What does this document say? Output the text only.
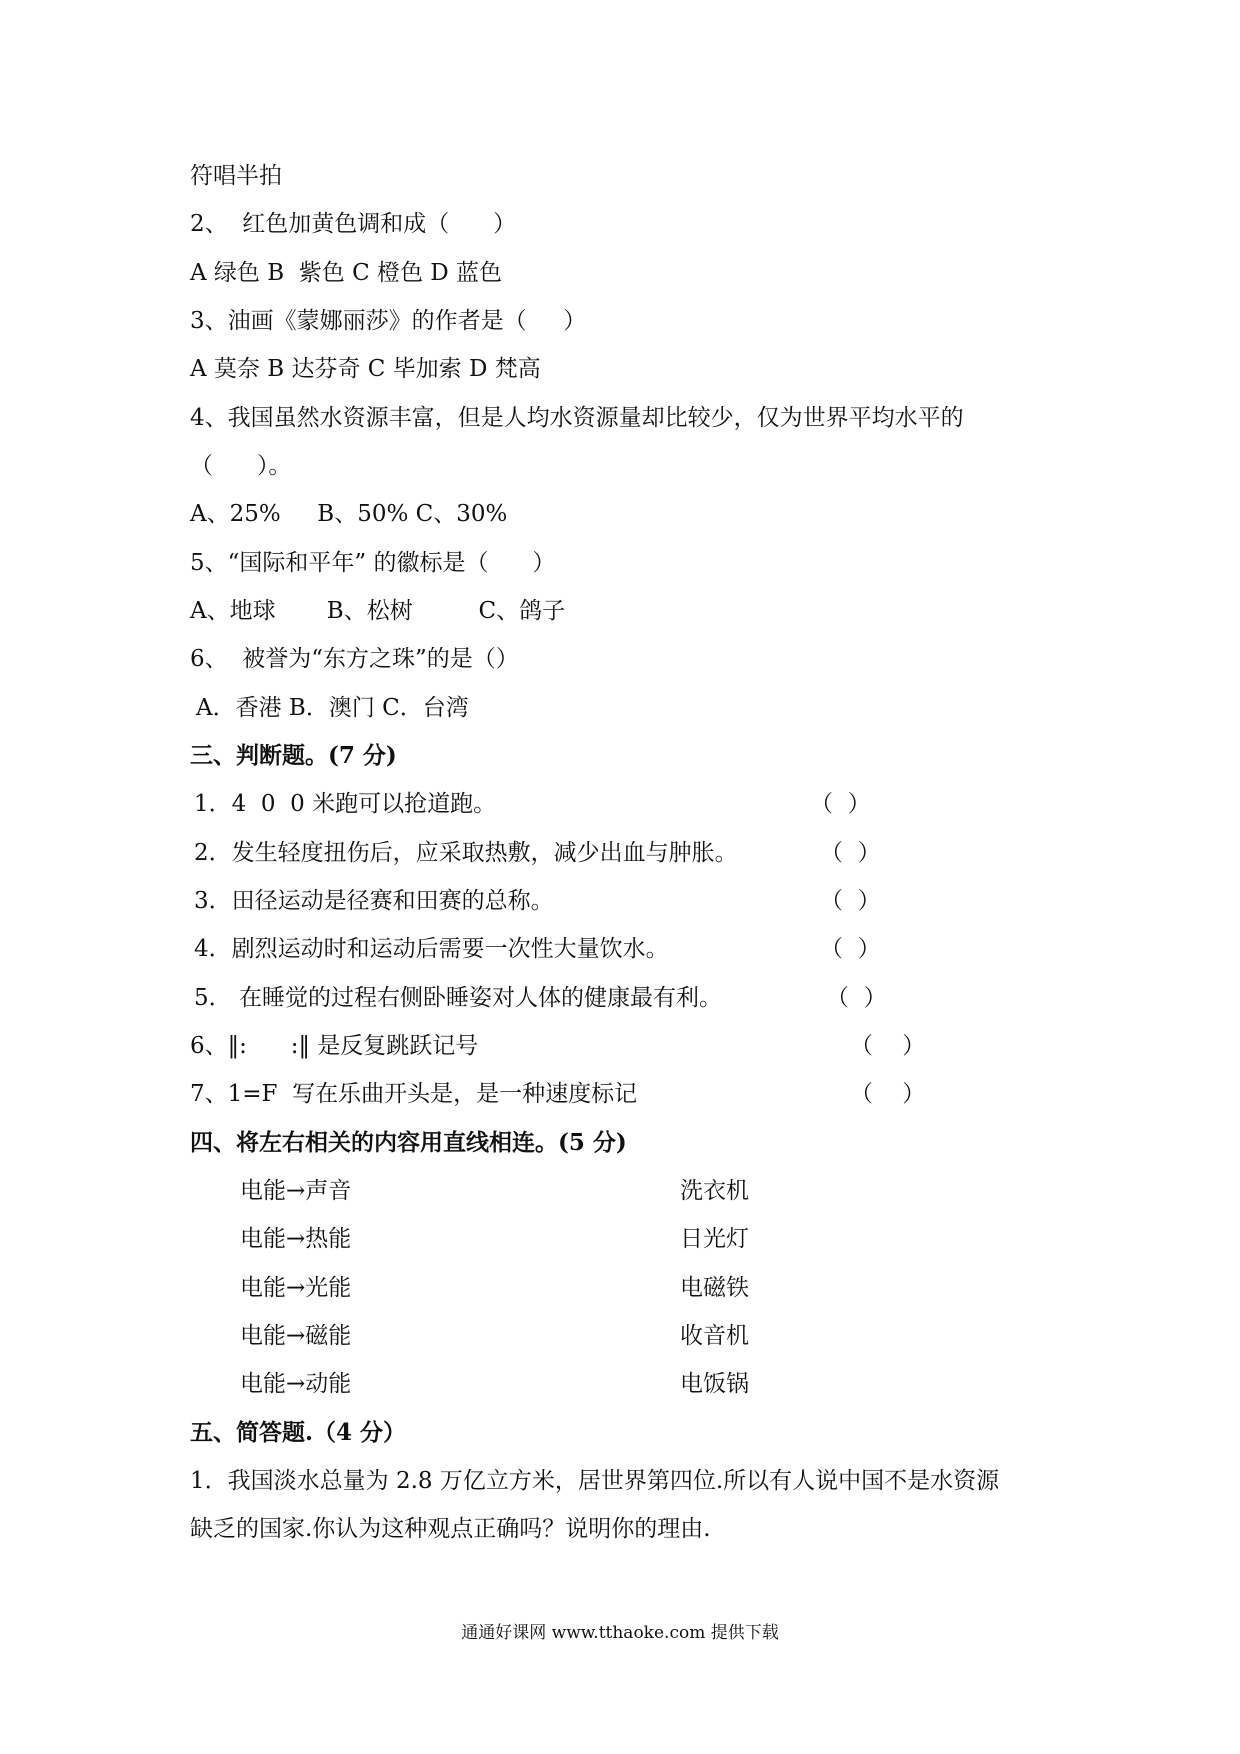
符唱半拍
2、  红色加黄色调和成（      ）
A 绿色 B  紫色 C 橙色 D 蓝色
3、油画《蒙娜丽莎》的作者是（     ）
A 莫奈 B 达芬奇 C 毕加索 D 梵高
4、我国虽然水资源丰富，但是人均水资源量却比较少，仅为世界平均水平的
（      ）。
A、25%     B、50% C、30%
5、“国际和平年” 的徽标是（      ）
A、地球       B、松树         C、鸽子
6、  被誉为“东方之珠”的是（）
A．香港 B．澳门 C．台湾
三、判断题。(7 分)
1．4  0  0 米跑可以抢道跑。	（  ）
2．发生轻度扭伤后，应采取热敷，减少出血与肿胀。	（  ）
3．田径运动是径赛和田赛的总称。	（  ）
4．剧烈运动时和运动后需要一次性大量饮水。	（  ）
5． 在睡觉的过程右侧卧睡姿对人体的健康最有利。	（  ）
6、‖:      :‖ 是反复跳跃记号	（    ）
7、1=F  写在乐曲开头是，是一种速度标记	（    ）
四、将左右相关的内容用直线相连。(5 分)
电能→声音	洗衣机
电能→热能	日光灯
电能→光能	电磁铁
电能→磁能	收音机
电能→动能	电饭锅
五、简答题.（4 分）
1．我国淡水总量为 2.8 万亿立方米，居世界第四位.所以有人说中国不是水资源
缺乏的国家.你认为这种观点正确吗？说明你的理由.
通通好课网 www.tthaoke.com 提供下载
